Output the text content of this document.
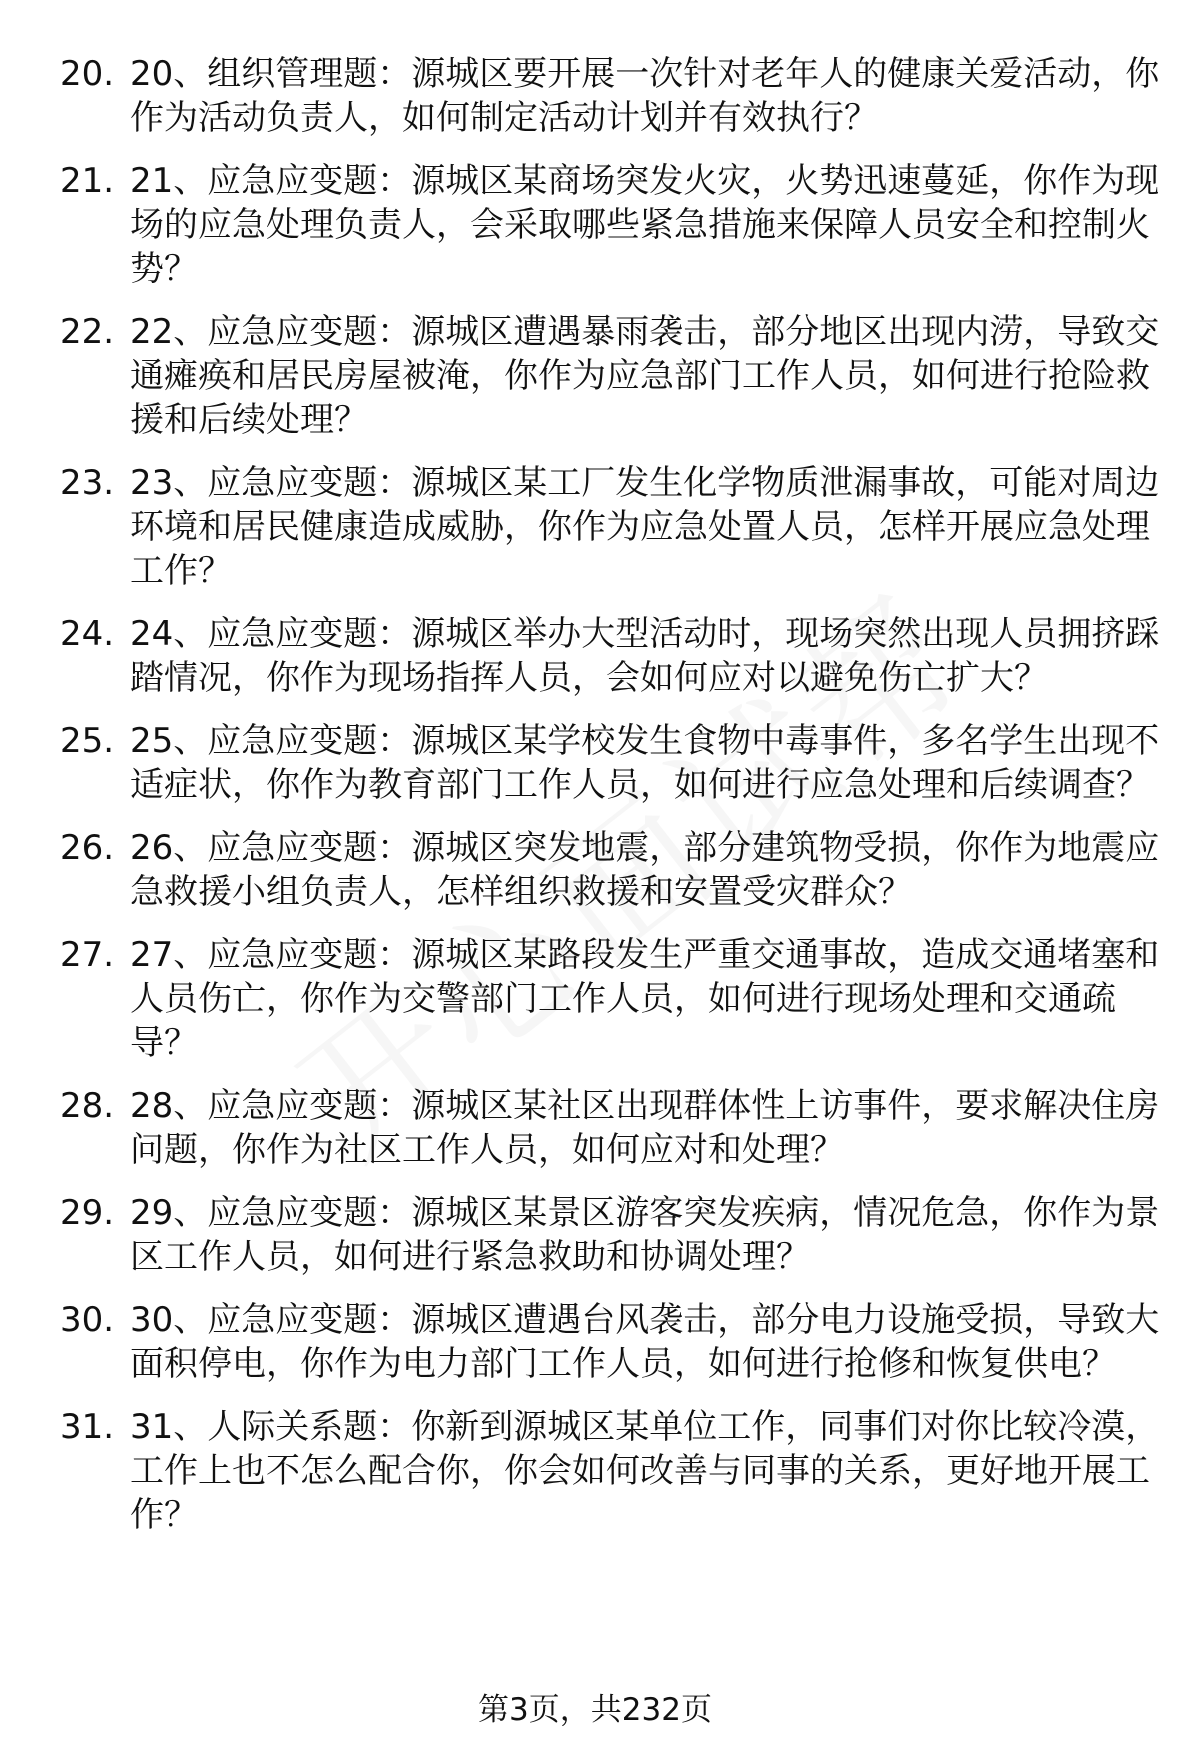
20. 20、组织管理题：源城区要开展一次针对老年人的健康关爱活动，你作为活动负责人，如何制定活动计划并有效执行？
21. 21、应急应变题：源城区某商场突发火灾，火势迅速蔓延，你作为现场的应急处理负责人，会采取哪些紧急措施来保障人员安全和控制火势？
22. 22、应急应变题：源城区遭遇暴雨袭击，部分地区出现内涝，导致交通瘫痪和居民房屋被淹，你作为应急部门工作人员，如何进行抢险救援和后续处理？
23. 23、应急应变题：源城区某工厂发生化学物质泄漏事故，可能对周边环境和居民健康造成威胁，你作为应急处置人员，怎样开展应急处理工作？
24. 24、应急应变题：源城区举办大型活动时，现场突然出现人员拥挤踩踏情况，你作为现场指挥人员，会如何应对以避免伤亡扩大？
25. 25、应急应变题：源城区某学校发生食物中毒事件，多名学生出现不适症状，你作为教育部门工作人员，如何进行应急处理和后续调查？
26. 26、应急应变题：源城区突发地震，部分建筑物受损，你作为地震应急救援小组负责人，怎样组织救援和安置受灾群众？
27. 27、应急应变题：源城区某路段发生严重交通事故，造成交通堵塞和人员伤亡，你作为交警部门工作人员，如何进行现场处理和交通疏导？
28. 28、应急应变题：源城区某社区出现群体性上访事件，要求解决住房问题，你作为社区工作人员，如何应对和处理？
29. 29、应急应变题：源城区某景区游客突发疾病，情况危急，你作为景区工作人员，如何进行紧急救助和协调处理？
30. 30、应急应变题：源城区遭遇台风袭击，部分电力设施受损，导致大面积停电，你作为电力部门工作人员，如何进行抢修和恢复供电？
31. 31、人际关系题：你新到源城区某单位工作，同事们对你比较冷漠，工作上也不怎么配合你，你会如何改善与同事的关系，更好地开展工作？
第3页，共232页
